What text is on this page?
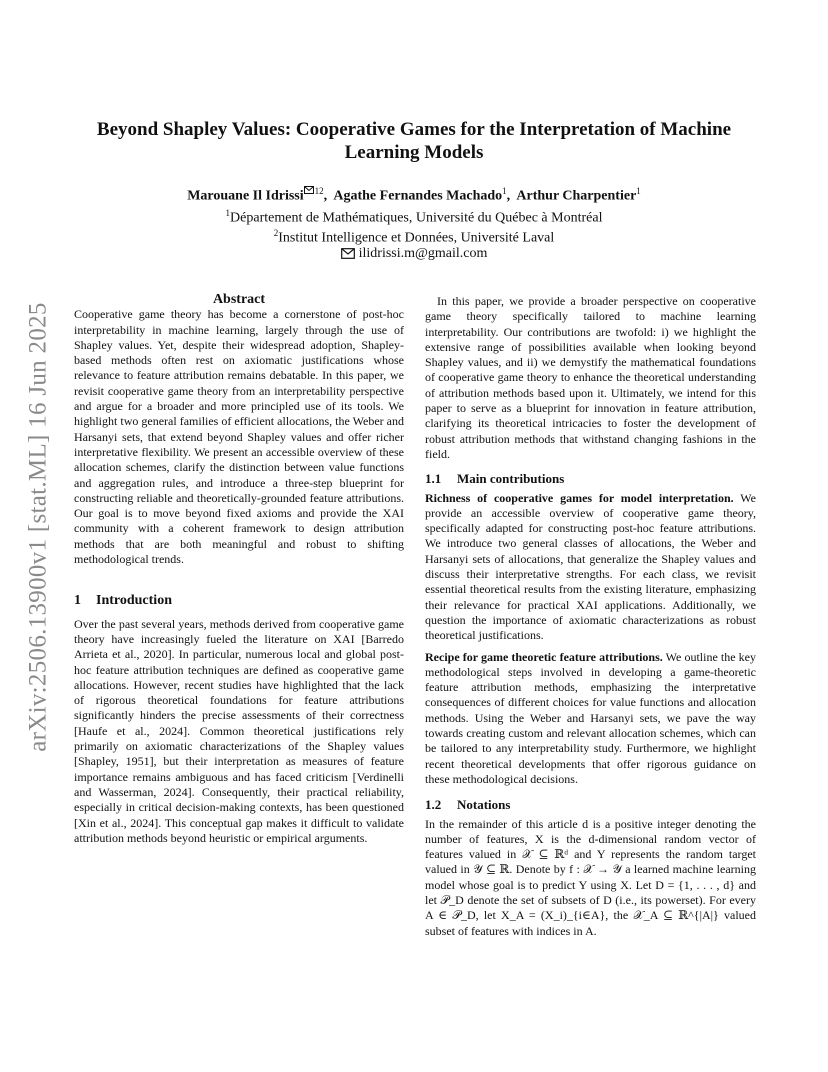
arXiv:2506.13900v1 [stat.ML] 16 Jun 2025
Beyond Shapley Values: Cooperative Games for the Interpretation of Machine Learning Models
Marouane Il Idrissi $^{12}$,  Agathe Fernandes Machado$^1$,  Arthur Charpentier$^1$
$^1$Département de Mathématiques, Université du Québec à Montréal
$^2$Institut Intelligence et Données, Université Laval
ilidrissi.m@gmail.com

Abstract

Cooperative game theory has become a cornerstone of post-hoc interpretability in machine learning, largely through the use of Shapley values. Yet, despite their widespread adoption, Shapley-based methods often rest on axiomatic justifications whose relevance to feature attribution remains debatable. In this paper, we revisit cooperative game theory from an interpretability perspective and argue for a broader and more principled use of its tools. We highlight two general families of efficient allocations, the Weber and Harsanyi sets, that extend beyond Shapley values and offer richer interpretative flexibility. We present an accessible overview of these allocation schemes, clarify the distinction between value functions and aggregation rules, and introduce a three-step blueprint for constructing reliable and theoretically-grounded feature attributions. Our goal is to move beyond fixed axioms and provide the XAI community with a coherent framework to design attribution methods that are both meaningful and robust to shifting methodological trends.

1 Introduction

Over the past several years, methods derived from cooperative game theory have increasingly fueled the literature on XAI [Barredo Arrieta et al., 2020]. In particular, numerous local and global post-hoc feature attribution techniques are defined as cooperative game allocations. However, recent studies have highlighted that the lack of rigorous theoretical foundations for feature attributions significantly hinders the precise assessments of their correctness [Haufe et al., 2024]. Common theoretical justifications rely primarily on axiomatic characterizations of the Shapley values [Shapley, 1951], but their interpretation as measures of feature importance remains ambiguous and has faced criticism [Verdinelli and Wasserman, 2024]. Consequently, their practical reliability, especially in critical decision-making contexts, has been questioned [Xin et al., 2024]. This conceptual gap makes it difficult to validate attribution methods beyond heuristic or empirical arguments.

In this paper, we provide a broader perspective on cooperative game theory specifically tailored to machine learning interpretability. Our contributions are twofold: i) we highlight the extensive range of possibilities available when looking beyond Shapley values, and ii) we demystify the mathematical foundations of cooperative game theory to enhance the theoretical understanding of attribution methods based upon it. Ultimately, we intend for this paper to serve as a blueprint for innovation in feature attribution, clarifying its theoretical intricacies to foster the development of robust attribution methods that withstand changing fashions in the field.

1.1 Main contributions

Richness of cooperative games for model interpretation. We provide an accessible overview of cooperative game theory, specifically adapted for constructing post-hoc feature attributions. We introduce two general classes of allocations, the Weber and Harsanyi sets of allocations, that generalize the Shapley values and discuss their interpretative strengths. For each class, we revisit essential theoretical results from the existing literature, emphasizing their relevance for practical XAI applications. Additionally, we question the importance of axiomatic characterizations as robust theoretical justifications.

Recipe for game theoretic feature attributions. We outline the key methodological steps involved in developing a game-theoretic feature attribution methods, emphasizing the interpretative consequences of different choices for value functions and allocation methods. Using the Weber and Harsanyi sets, we pave the way towards creating custom and relevant allocation schemes, which can be tailored to any interpretability study. Furthermore, we highlight recent theoretical developments that offer rigorous guidance on these methodological decisions.

1.2 Notations

In the remainder of this article d is a positive integer denoting the number of features, X is the d-dimensional random vector of features valued in 𝒳 ⊆ ℝᵈ and Y represents the random target valued in 𝒴 ⊆ ℝ. Denote by f : 𝒳 → 𝒴 a learned machine learning model whose goal is to predict Y using X. Let D = {1, . . . , d} and let 𝒫_D denote the set of subsets of D (i.e., its powerset). For every A ∈ 𝒫_D, let X_A = (X_i)_{i∈A}, the 𝒳_A ⊆ ℝ^{|A|} valued subset of features with indices in A.
